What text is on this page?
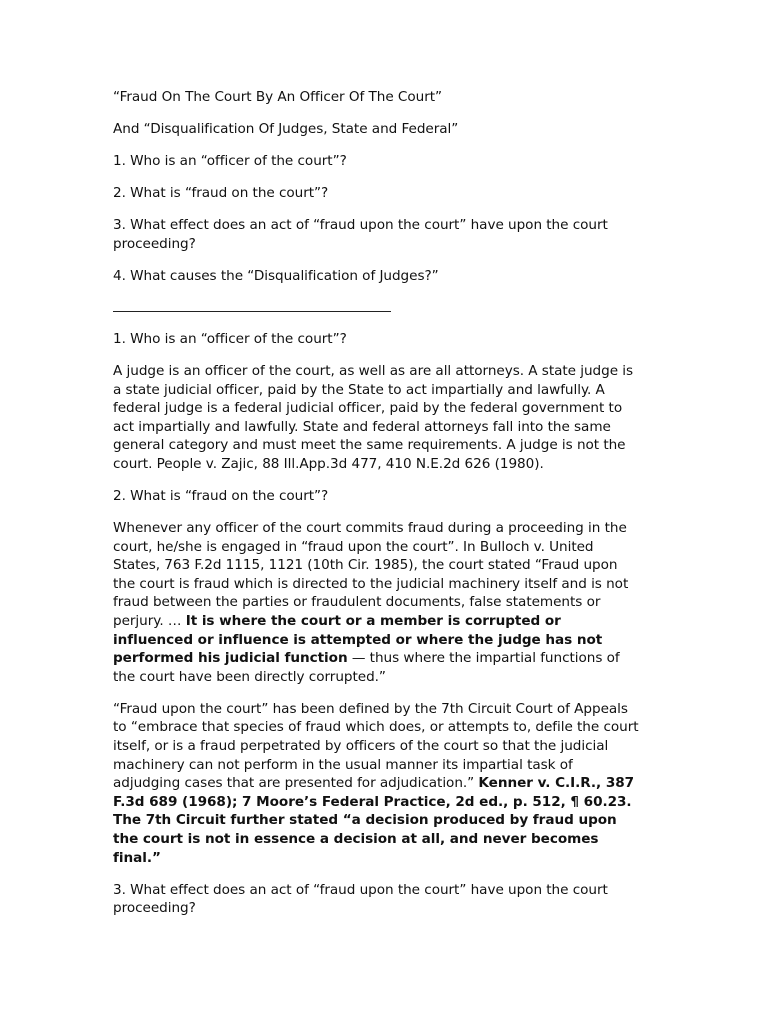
“Fraud On The Court By An Officer Of The Court”

And “Disqualification Of Judges, State and Federal”

1. Who is an “officer of the court”?

2. What is “fraud on the court”?

3. What effect does an act of “fraud upon the court” have upon the court proceeding?

4. What causes the “Disqualification of Judges?”

1. Who is an “officer of the court”?

A judge is an officer of the court, as well as are all attorneys. A state judge is a state judicial officer, paid by the State to act impartially and lawfully. A federal judge is a federal judicial officer, paid by the federal government to act impartially and lawfully. State and federal attorneys fall into the same general category and must meet the same requirements. A judge is not the court. People v. Zajic, 88 Ill.App.3d 477, 410 N.E.2d 626 (1980).

2. What is “fraud on the court”?

Whenever any officer of the court commits fraud during a proceeding in the court, he/she is engaged in “fraud upon the court”. In Bulloch v. United States, 763 F.2d 1115, 1121 (10th Cir. 1985), the court stated “Fraud upon the court is fraud which is directed to the judicial machinery itself and is not fraud between the parties or fraudulent documents, false statements or perjury. … It is where the court or a member is corrupted or influenced or influence is attempted or where the judge has not performed his judicial function — thus where the impartial functions of the court have been directly corrupted.”

“Fraud upon the court” has been defined by the 7th Circuit Court of Appeals to “embrace that species of fraud which does, or attempts to, defile the court itself, or is a fraud perpetrated by officers of the court so that the judicial machinery can not perform in the usual manner its impartial task of adjudging cases that are presented for adjudication.” Kenner v. C.I.R., 387 F.3d 689 (1968); 7 Moore’s Federal Practice, 2d ed., p. 512, ¶ 60.23. The 7th Circuit further stated “a decision produced by fraud upon the court is not in essence a decision at all, and never becomes final.”

3. What effect does an act of “fraud upon the court” have upon the court proceeding?
